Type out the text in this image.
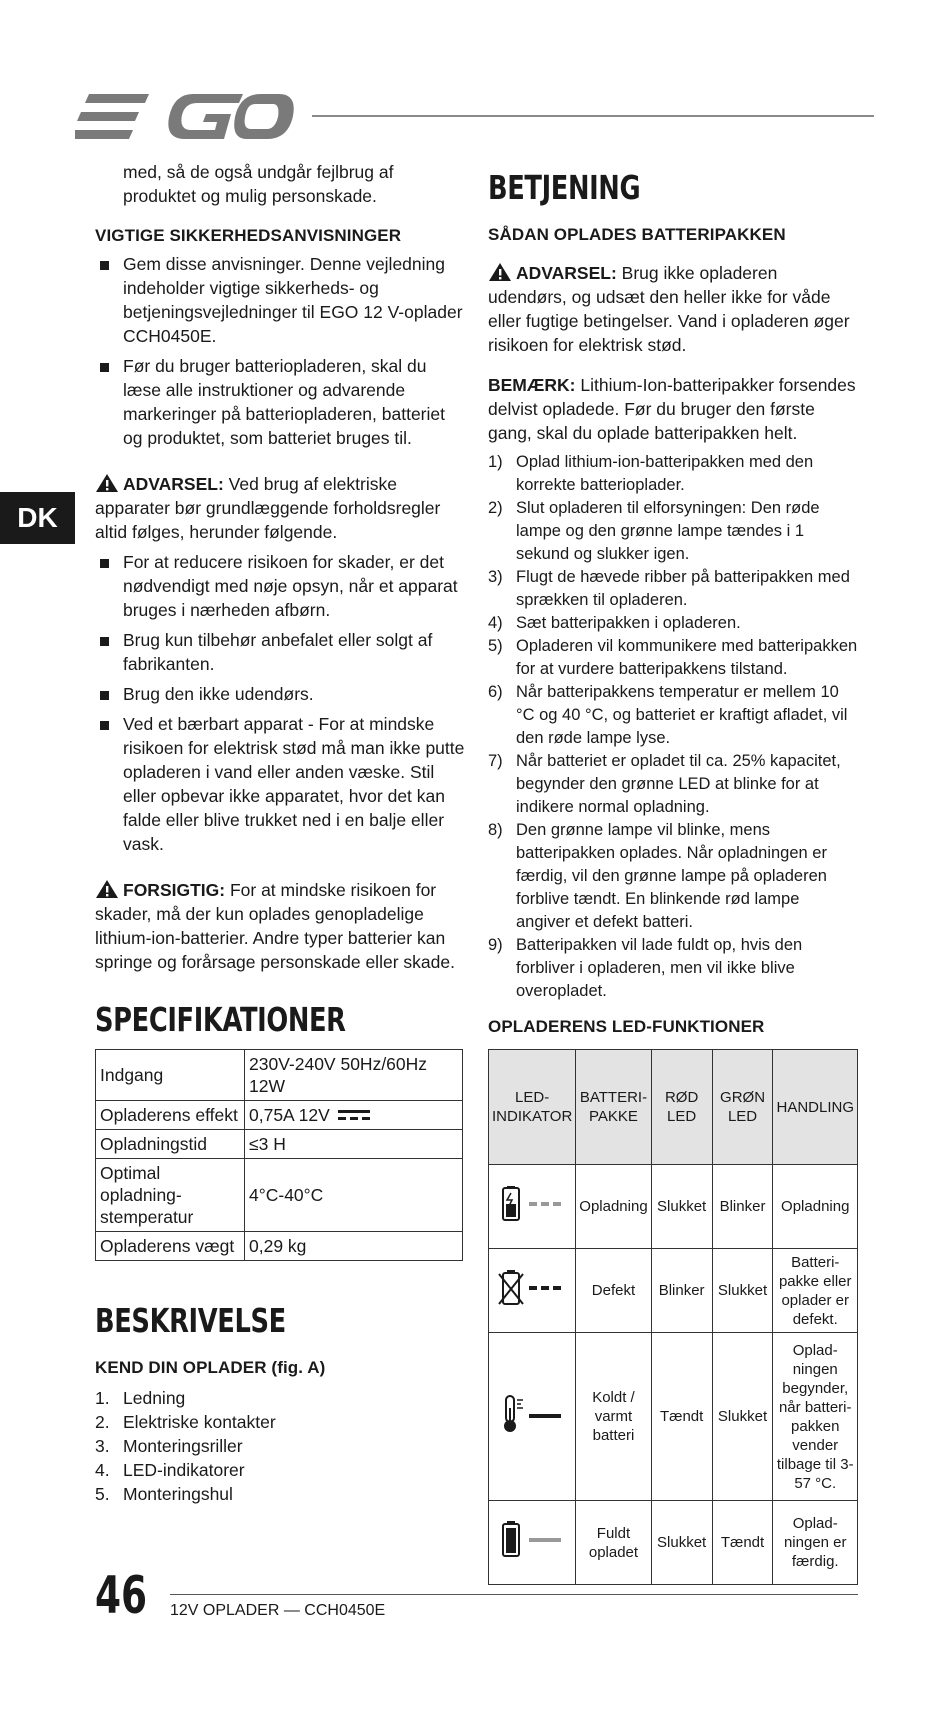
DK

med, så de også undgår fejlbrug af produktet og mulig personskade.

VIGTIGE SIKKERHEDSANVISNINGER

Gem disse anvisninger. Denne vejledning indeholder vigtige sikkerheds- og betjeningsvejledninger til EGO 12 V-oplader CCH0450E.
Før du bruger batteriopladeren, skal du læse alle instruktioner og advarende markeringer på batteriopladeren, batteriet og produktet, som batteriet bruges til.

ADVARSEL: Ved brug af elektriske apparater bør grundlæggende forholdsregler altid følges, herunder følgende.

For at reducere risikoen for skader, er det nødvendigt med nøje opsyn, når et apparat bruges i nærheden afbørn.
Brug kun tilbehør anbefalet eller solgt af fabrikanten.
Brug den ikke udendørs.
Ved et bærbart apparat - For at mindske risikoen for elektrisk stød må man ikke putte opladeren i vand eller anden væske. Stil eller opbevar ikke apparatet, hvor det kan falde eller blive trukket ned i en balje eller vask.

FORSIGTIG: For at mindske risikoen for skader, må der kun oplades genopladelige lithium-ion-batterier. Andre typer batterier kan springe og forårsage personskade eller skade.

SPECIFIKATIONER

Indgang	230V-240V 50Hz/60Hz 12W
Opladerens effekt	0,75A 12V
Opladningstid	≤3 H
Optimal opladning-stemperatur	4°C-40°C
Opladerens vægt	0,29 kg

BESKRIVELSE

KEND DIN OPLADER (fig. A)

1. Ledning
2. Elektriske kontakter
3. Monteringsriller
4. LED-indikatorer
5. Monteringshul

BETJENING

SÅDAN OPLADES BATTERIPAKKEN

ADVARSEL: Brug ikke opladeren udendørs, og udsæt den heller ikke for våde eller fugtige betingelser. Vand i opladeren øger risikoen for elektrisk stød.

BEMÆRK: Lithium-Ion-batteripakker forsendes delvist opladede. Før du bruger den første gang, skal du oplade batteripakken helt.

1) Oplad lithium-ion-batteripakken med den korrekte batterioplader.
2) Slut opladeren til elforsyningen: Den røde lampe og den grønne lampe tændes i 1 sekund og slukker igen.
3) Flugt de hævede ribber på batteripakken med sprækken til opladeren.
4) Sæt batteripakken i opladeren.
5) Opladeren vil kommunikere med batteripakken for at vurdere batteripakkens tilstand.
6) Når batteripakkens temperatur er mellem 10 °C og 40 °C, og batteriet er kraftigt afladet, vil den røde lampe lyse.
7) Når batteriet er opladet til ca. 25% kapacitet, begynder den grønne LED at blinke for at indikere normal opladning.
8) Den grønne lampe vil blinke, mens batteripakken oplades. Når opladningen er færdig, vil den grønne lampe på opladeren forblive tændt. En blinkende rød lampe angiver et defekt batteri.
9) Batteripakken vil lade fuldt op, hvis den forbliver i opladeren, men vil ikke blive overopladet.

OPLADERENS LED-FUNKTIONER

LED-INDIKATOR	BATTERI-PAKKE	RØD LED	GRØN LED	HANDLING
	Opladning	Slukket	Blinker	Opladning
	Defekt	Blinker	Slukket	Batteri-pakke eller oplader er defekt.
	Koldt / varmt batteri	Tændt	Slukket	Oplad-ningen begynder, når batteri-pakken vender tilbage til 3-57 °C.
	Fuldt opladet	Slukket	Tændt	Oplad-ningen er færdig.
46 12V OPLADER — CCH0450E
